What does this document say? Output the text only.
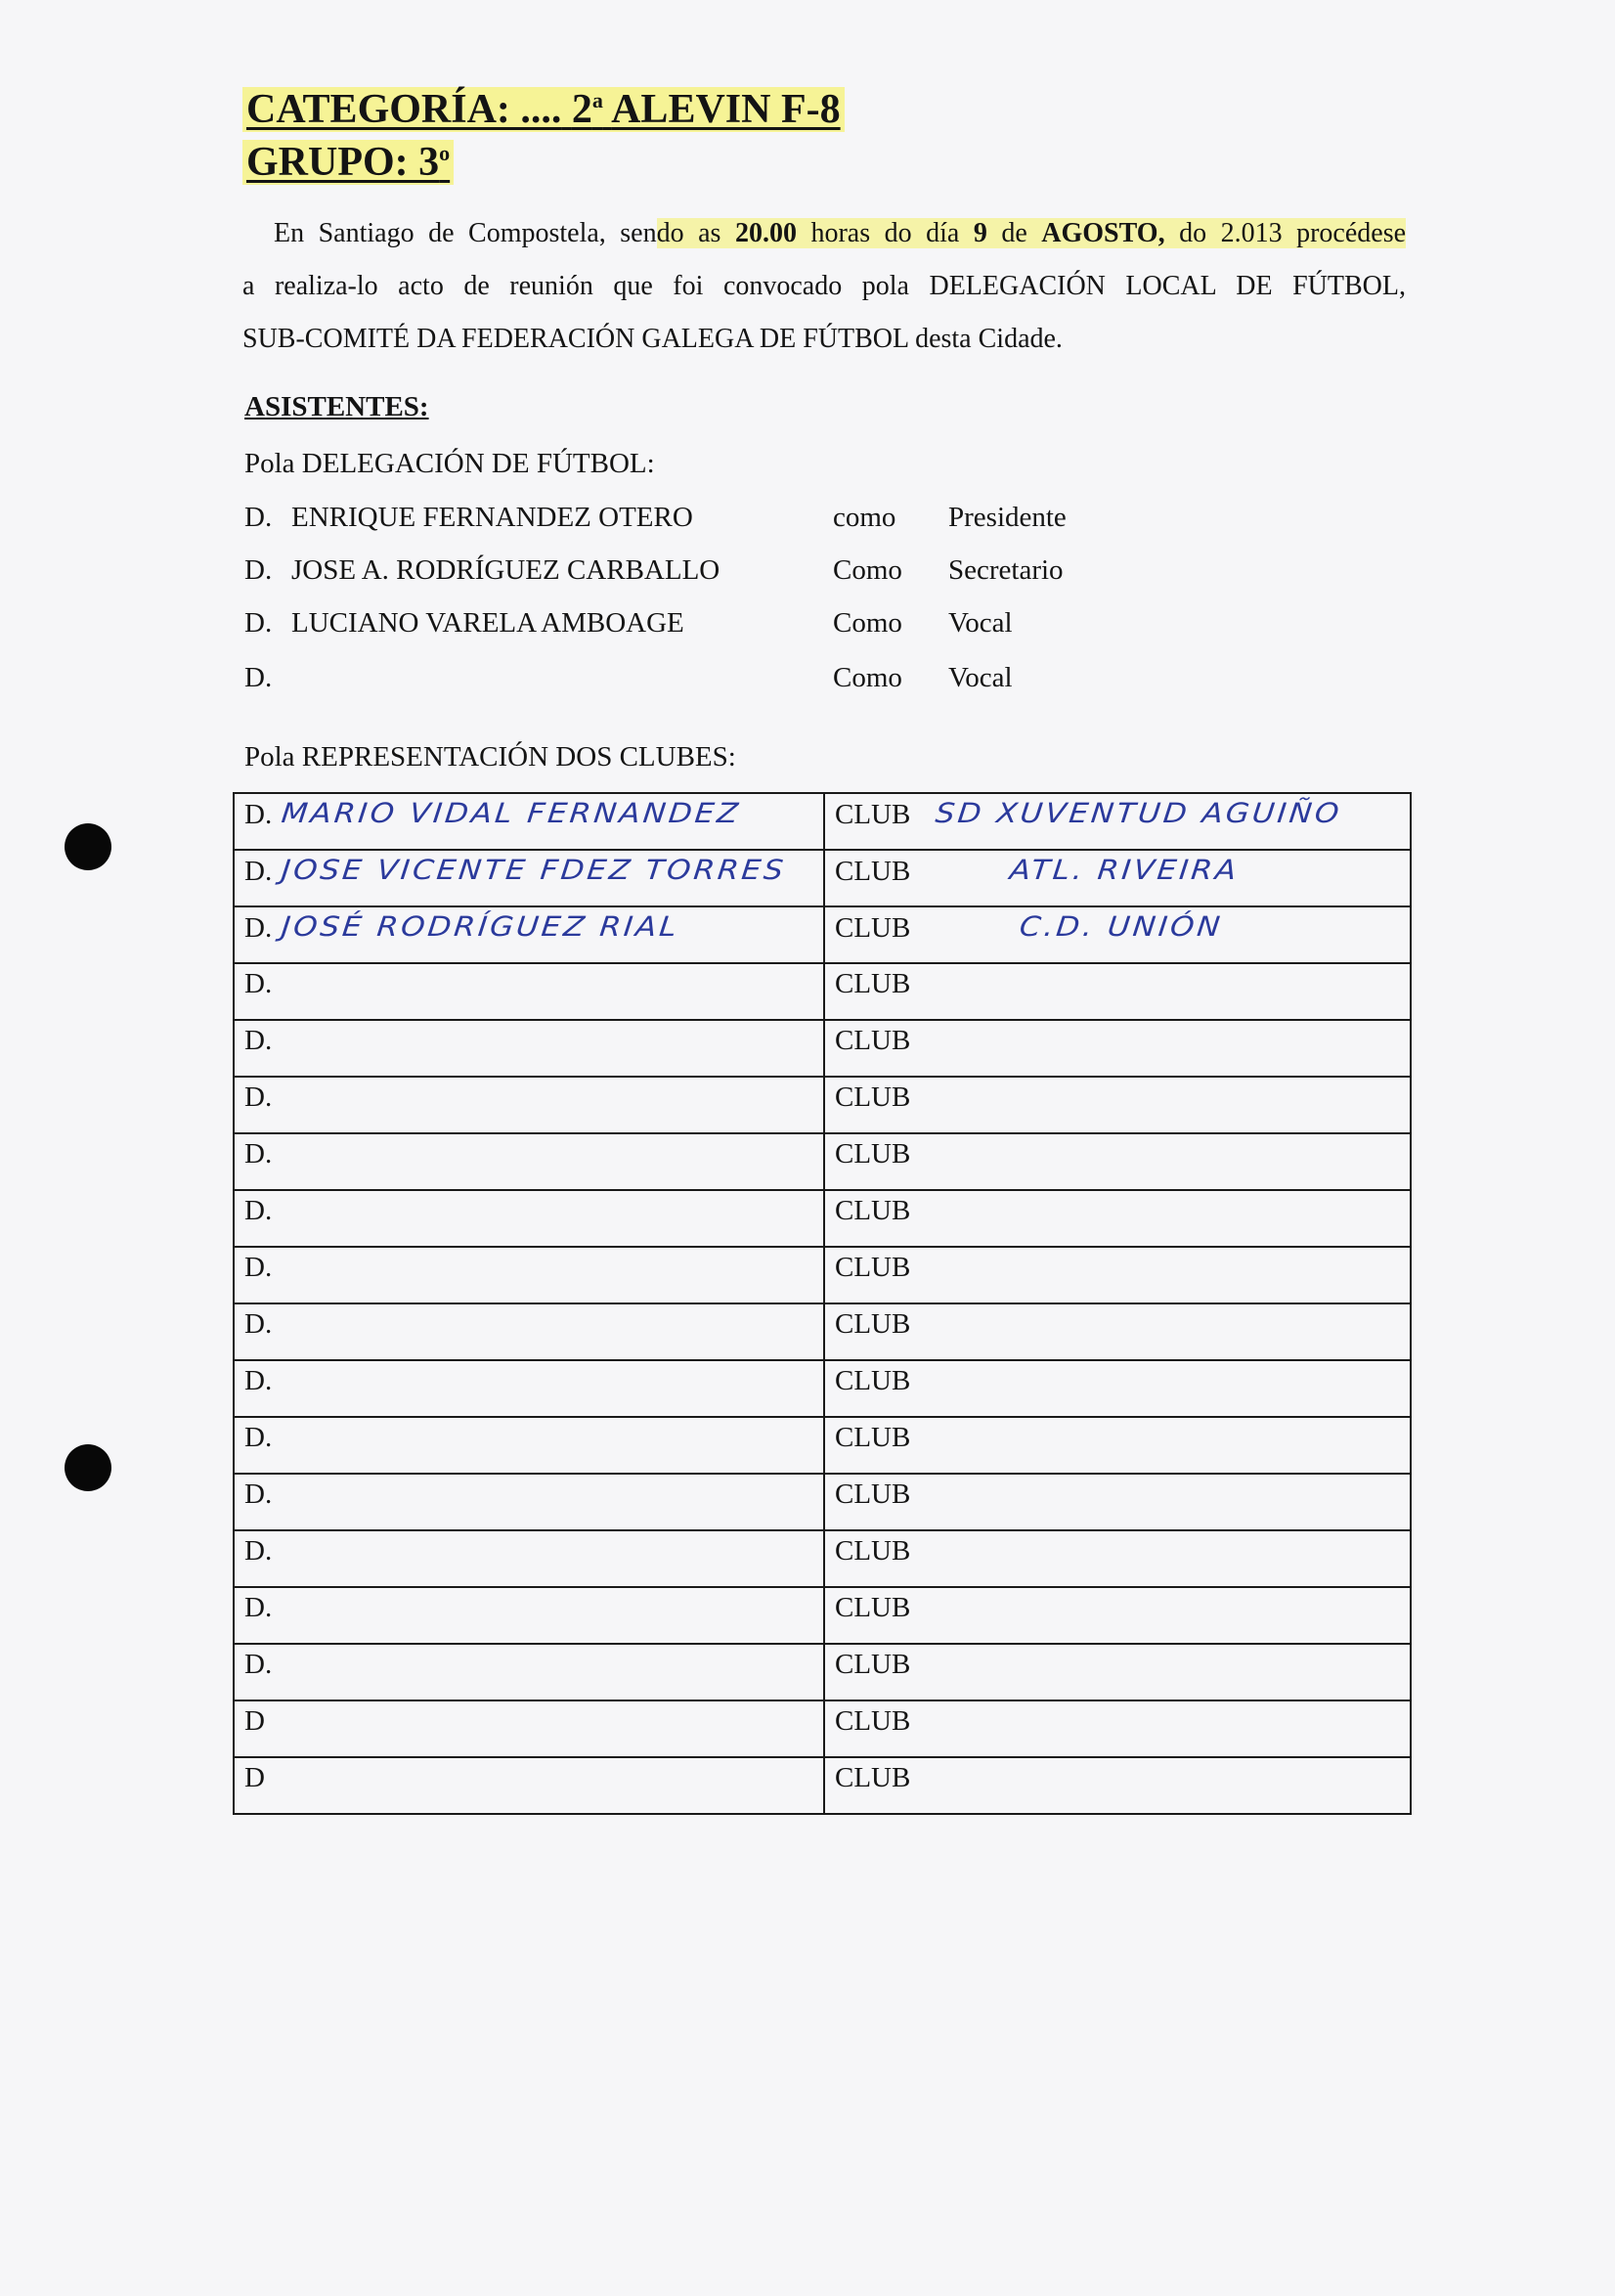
CATEGORÍA: .... 2$^a$ ALEVIN F-8
GRUPO: 3$^o$

En Santiago de Compostela, sendo as 20.00 horas do día 9 de AGOSTO, do 2.013 procédese

a realiza-lo acto de reunión que foi convocado pola DELEGACIÓN LOCAL DE FÚTBOL,

SUB-COMITÉ DA FEDERACIÓN GALEGA DE FÚTBOL desta Cidade.

ASISTENTES:
Pola DELEGACIÓN DE FÚTBOL:
D. ENRIQUE FERNANDEZ OTERO	como Presidente
D. JOSE A. RODRÍGUEZ CARBALLO	Como Secretario
D. LUCIANO VARELA AMBOAGE	Como Vocal
D.	Como Vocal
Pola REPRESENTACIÓN DOS CLUBES:
D. MARIO VIDAL FERNANDEZ	CLUB SD XUVENTUD AGUIÑO
D. JOSE VICENTE FDEZ TORRES	CLUB ATL. RIVEIRA
D. JOSÉ RODRÍGUEZ RIAL	CLUB C.D. UNIÓN
D.	CLUB
D.	CLUB
D.	CLUB
D.	CLUB
D.	CLUB
D.	CLUB
D.	CLUB
D.	CLUB
D.	CLUB
D.	CLUB
D.	CLUB
D.	CLUB
D.	CLUB
D	CLUB
D	CLUB
